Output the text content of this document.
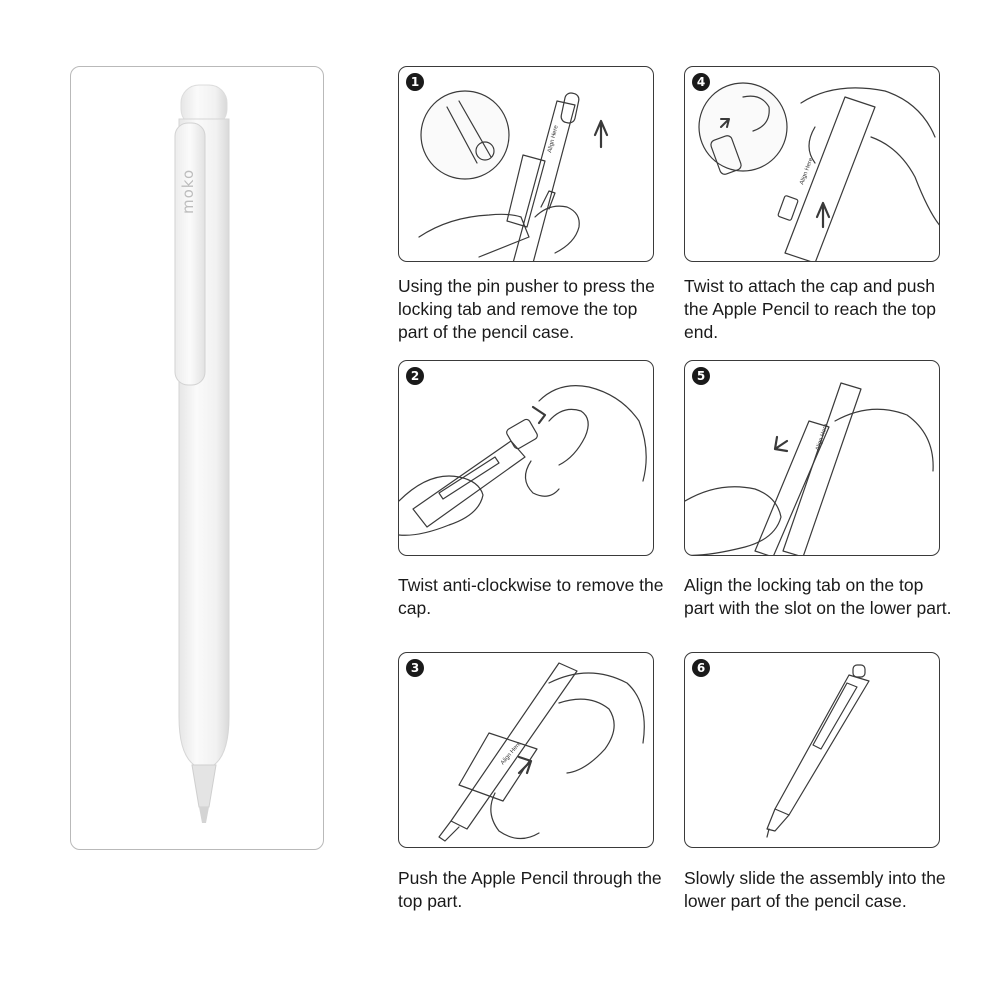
moko
Align Here
1

Using the pin pusher to press the locking tab and remove the top part of the pencil case.

2

Twist anti-clockwise to remove the cap.

Align Here
3

Push the Apple Pencil through the top part.

Align Here
4

Twist to attach the cap and push the Apple Pencil to reach the top end.

Align Here
5

Align the locking tab on the top part with the slot on the lower part.

6

Slowly slide the assembly into the lower part of the pencil case.
